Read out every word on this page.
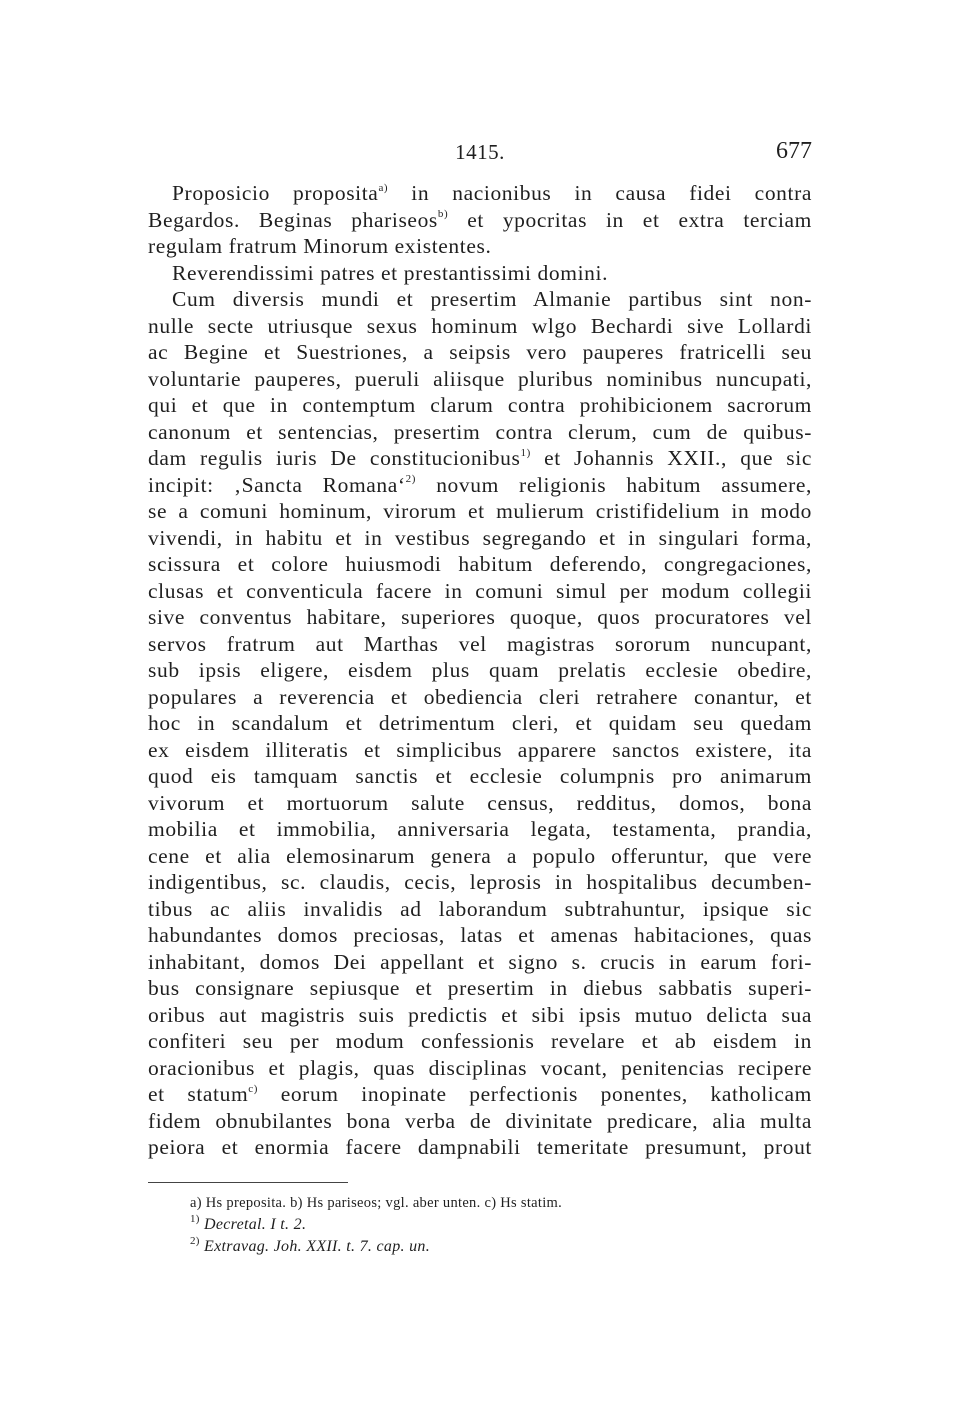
1415.	677
Proposicio proposita$^{a)}$ in nacionibus in causa fidei contra
Begardos. Beginas phariseos$^{b)}$ et ypocritas in et extra terciam
regulam fratrum Minorum existentes.
Reverendissimi patres et prestantissimi domini.
Cum diversis mundi et presertim Almanie partibus sint non-
nulle secte utriusque sexus hominum wlgo Bechardi sive Lollardi
ac Begine et Suestriones, a seipsis vero pauperes fratricelli seu
voluntarie pauperes, pueruli aliisque pluribus nominibus nuncupati,
qui et que in contemptum clarum contra prohibicionem sacrorum
canonum et sentencias, presertim contra clerum, cum de quibus-
dam regulis iuris De constitucionibus$^{1)}$ et Johannis XXII., que sic
incipit: ‚Sancta Romana‘$^{2)}$ novum religionis habitum assumere,
se a comuni hominum, virorum et mulierum cristifidelium in modo
vivendi, in habitu et in vestibus segregando et in singulari forma,
scissura et colore huiusmodi habitum deferendo, congregaciones,
clusas et conventicula facere in comuni simul per modum collegii
sive conventus habitare, superiores quoque, quos procuratores vel
servos fratrum aut Marthas vel magistras sororum nuncupant,
sub ipsis eligere, eisdem plus quam prelatis ecclesie obedire,
populares a reverencia et obediencia cleri retrahere conantur, et
hoc in scandalum et detrimentum cleri, et quidam seu quedam
ex eisdem illiteratis et simplicibus apparere sanctos existere, ita
quod eis tamquam sanctis et ecclesie columpnis pro animarum
vivorum et mortuorum salute census, redditus, domos, bona
mobilia et immobilia, anniversaria legata, testamenta, prandia,
cene et alia elemosinarum genera a populo offeruntur, que vere
indigentibus, sc. claudis, cecis, leprosis in hospitalibus decumben-
tibus ac aliis invalidis ad laborandum subtrahuntur, ipsique sic
habundantes domos preciosas, latas et amenas habitaciones, quas
inhabitant, domos Dei appellant et signo s. crucis in earum fori-
bus consignare sepiusque et presertim in diebus sabbatis superi-
oribus aut magistris suis predictis et sibi ipsis mutuo delicta sua
confiteri seu per modum confessionis revelare et ab eisdem in
oracionibus et plagis, quas disciplinas vocant, penitencias recipere
et statum$^{c)}$ eorum inopinate perfectionis ponentes, katholicam
fidem obnubilantes bona verba de divinitate predicare, alia multa
peiora et enormia facere dampnabili temeritate presumunt, prout
a) Hs preposita. b) Hs pariseos; vgl. aber unten. c) Hs statim.
1) Decretal. I t. 2.
2) Extravag. Joh. XXII. t. 7. cap. un.
